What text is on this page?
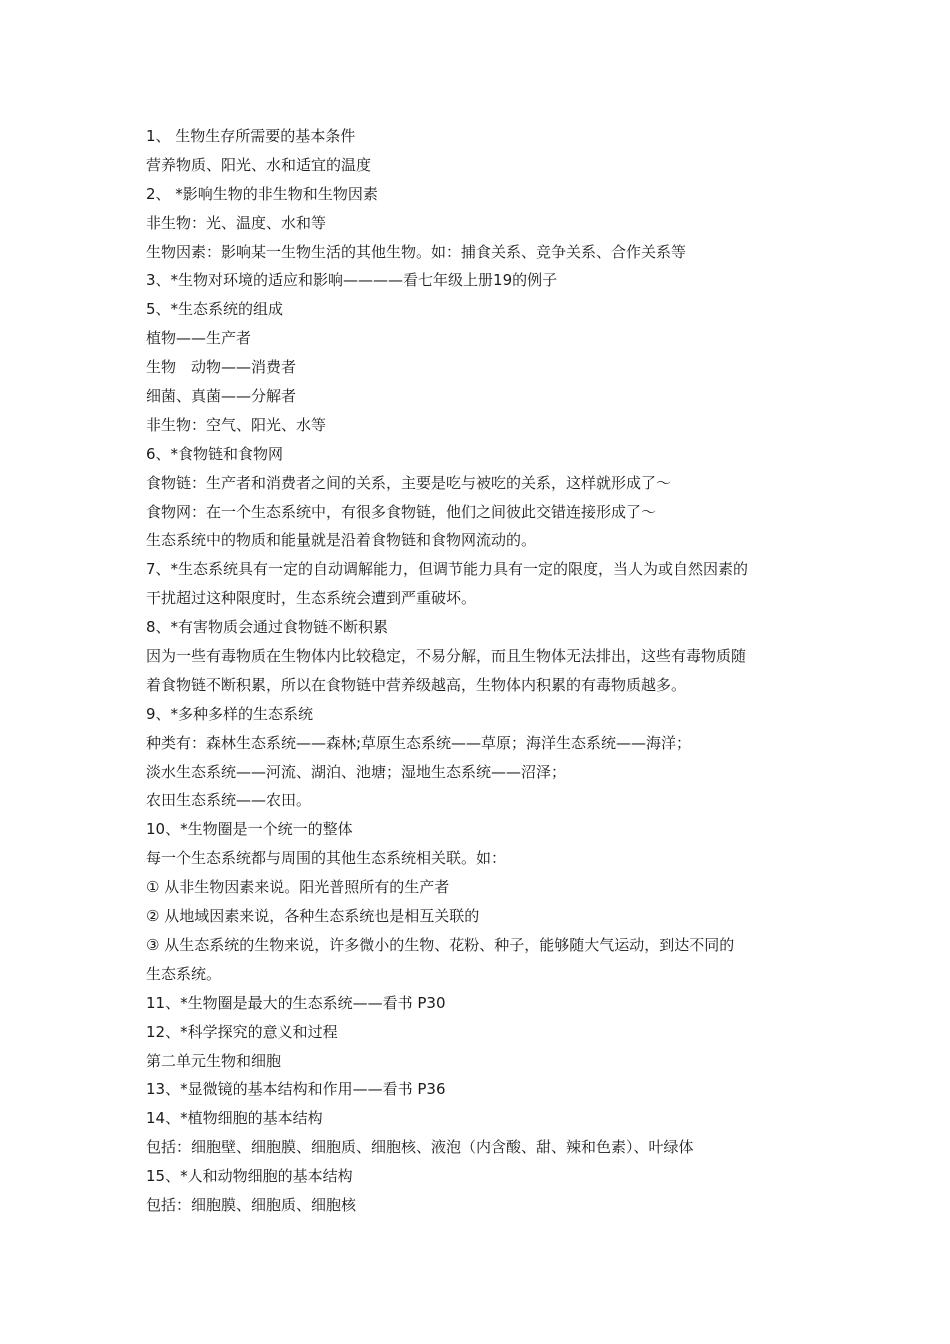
1、 生物生存所需要的基本条件

营养物质、阳光、水和适宜的温度

2、 *影响生物的非生物和生物因素

非生物：光、温度、水和等

生物因素：影响某一生物生活的其他生物。如：捕食关系、竞争关系、合作关系等

3、*生物对环境的适应和影响————看七年级上册19的例子

5、*生态系统的组成

植物——生产者

生物　动物——消费者

细菌、真菌——分解者

非生物：空气、阳光、水等

6、*食物链和食物网

食物链：生产者和消费者之间的关系，主要是吃与被吃的关系，这样就形成了～

食物网：在一个生态系统中，有很多食物链，他们之间彼此交错连接形成了～

生态系统中的物质和能量就是沿着食物链和食物网流动的。

7、*生态系统具有一定的自动调解能力，但调节能力具有一定的限度，当人为或自然因素的

干扰超过这种限度时，生态系统会遭到严重破坏。

8、*有害物质会通过食物链不断积累

因为一些有毒物质在生物体内比较稳定，不易分解，而且生物体无法排出，这些有毒物质随

着食物链不断积累，所以在食物链中营养级越高，生物体内积累的有毒物质越多。

9、*多种多样的生态系统

种类有：森林生态系统——森林;草原生态系统——草原；海洋生态系统——海洋；

淡水生态系统——河流、湖泊、池塘；湿地生态系统——沼泽；

农田生态系统——农田。

10、*生物圈是一个统一的整体

每一个生态系统都与周围的其他生态系统相关联。如：

① 从非生物因素来说。阳光普照所有的生产者

② 从地域因素来说，各种生态系统也是相互关联的

③ 从生态系统的生物来说，许多微小的生物、花粉、种子，能够随大气运动，到达不同的

生态系统。

11、*生物圈是最大的生态系统——看书 P30

12、*科学探究的意义和过程

第二单元生物和细胞

13、*显微镜的基本结构和作用——看书 P36

14、*植物细胞的基本结构

包括：细胞壁、细胞膜、细胞质、细胞核、液泡（内含酸、甜、辣和色素）、叶绿体

15、*人和动物细胞的基本结构

包括：细胞膜、细胞质、细胞核
